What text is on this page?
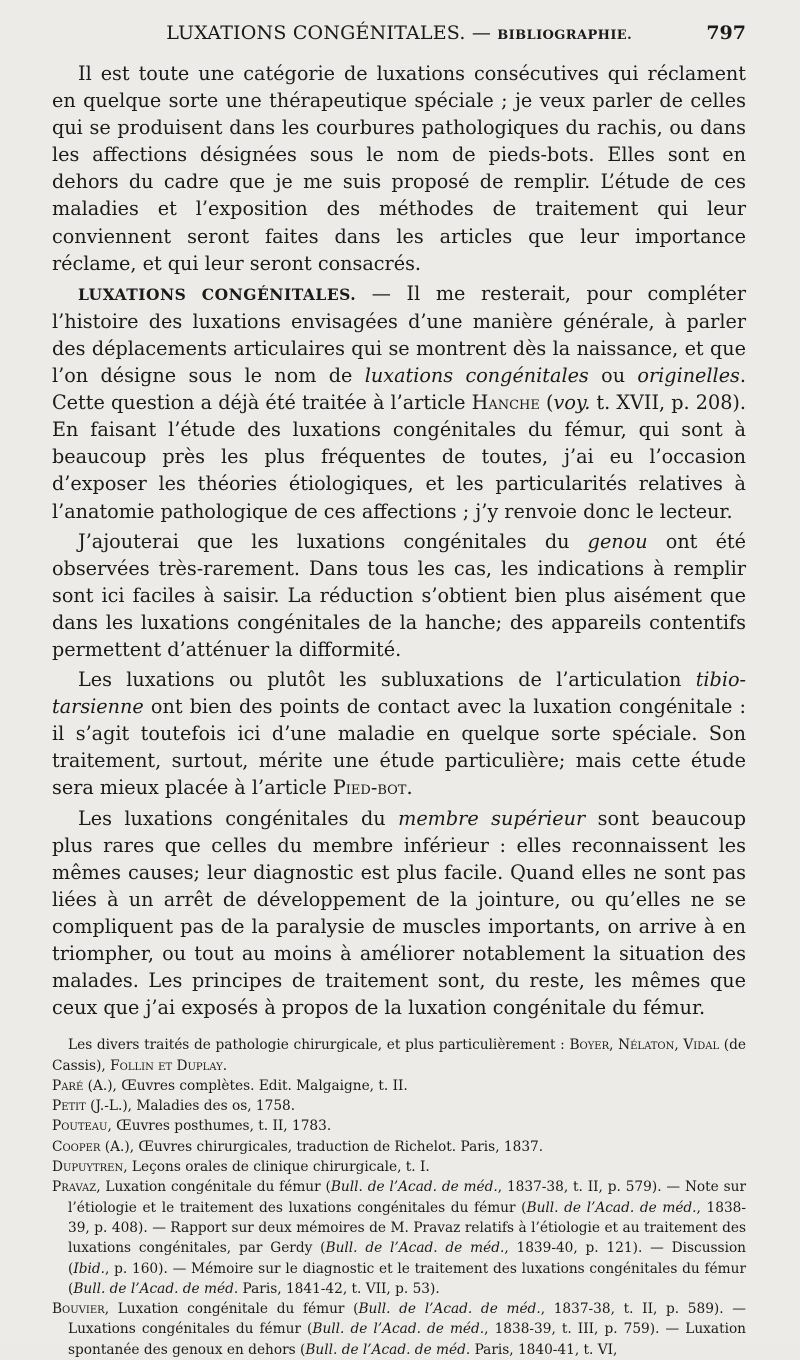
LUXATIONS CONGÉNITALES. — BIBLIOGRAPHIE.	797

Il est toute une catégorie de luxations consécutives qui réclament en quelque sorte une thérapeutique spéciale ; je veux parler de celles qui se produisent dans les courbures pathologiques du rachis, ou dans les affections désignées sous le nom de pieds-bots. Elles sont en dehors du cadre que je me suis proposé de remplir. L’étude de ces maladies et l’exposition des méthodes de traitement qui leur conviennent seront faites dans les articles que leur importance réclame, et qui leur seront consacrés.

LUXATIONS CONGÉNITALES. — Il me resterait, pour compléter l’histoire des luxations envisagées d’une manière générale, à parler des déplacements articulaires qui se montrent dès la naissance, et que l’on désigne sous le nom de luxations congénitales ou originelles. Cette question a déjà été traitée à l’article Hanche (voy. t. XVII, p. 208). En faisant l’étude des luxations congénitales du fémur, qui sont à beaucoup près les plus fréquentes de toutes, j’ai eu l’occasion d’exposer les théories étiologiques, et les particularités relatives à l’anatomie pathologique de ces affections ; j’y renvoie donc le lecteur.

J’ajouterai que les luxations congénitales du genou ont été observées très-rarement. Dans tous les cas, les indications à remplir sont ici faciles à saisir. La réduction s’obtient bien plus aisément que dans les luxations congénitales de la hanche; des appareils contentifs permettent d’atténuer la difformité.

Les luxations ou plutôt les subluxations de l’articulation tibio-tarsienne ont bien des points de contact avec la luxation congénitale : il s’agit toutefois ici d’une maladie en quelque sorte spéciale. Son traitement, surtout, mérite une étude particulière; mais cette étude sera mieux placée à l’article Pied-bot.

Les luxations congénitales du membre supérieur sont beaucoup plus rares que celles du membre inférieur : elles reconnaissent les mêmes causes; leur diagnostic est plus facile. Quand elles ne sont pas liées à un arrêt de développement de la jointure, ou qu’elles ne se compliquent pas de la paralysie de muscles importants, on arrive à en triompher, ou tout au moins à améliorer notablement la situation des malades. Les principes de traitement sont, du reste, les mêmes que ceux que j’ai exposés à propos de la luxation congénitale du fémur.

Les divers traités de pathologie chirurgicale, et plus particulièrement : Boyer, Nélaton, Vidal (de Cassis), Follin et Duplay.

Paré (A.), Œuvres complètes. Edit. Malgaigne, t. II.

Petit (J.-L.), Maladies des os, 1758.

Pouteau, Œuvres posthumes, t. II, 1783.

Cooper (A.), Œuvres chirurgicales, traduction de Richelot. Paris, 1837.

Dupuytren, Leçons orales de clinique chirurgicale, t. I.

Pravaz, Luxation congénitale du fémur (Bull. de l’Acad. de méd., 1837-38, t. II, p. 579). — Note sur l’étiologie et le traitement des luxations congénitales du fémur (Bull. de l’Acad. de méd., 1838-39, p. 408). — Rapport sur deux mémoires de M. Pravaz relatifs à l’étiologie et au traitement des luxations congénitales, par Gerdy (Bull. de l’Acad. de méd., 1839-40, p. 121). — Discussion (Ibid., p. 160). — Mémoire sur le diagnostic et le traitement des luxations congénitales du fémur (Bull. de l’Acad. de méd. Paris, 1841-42, t. VII, p. 53).

Bouvier, Luxation congénitale du fémur (Bull. de l’Acad. de méd., 1837-38, t. II, p. 589). — Luxations congénitales du fémur (Bull. de l’Acad. de méd., 1838-39, t. III, p. 759). — Luxation spontanée des genoux en dehors (Bull. de l’Acad. de méd. Paris, 1840-41, t. VI,
